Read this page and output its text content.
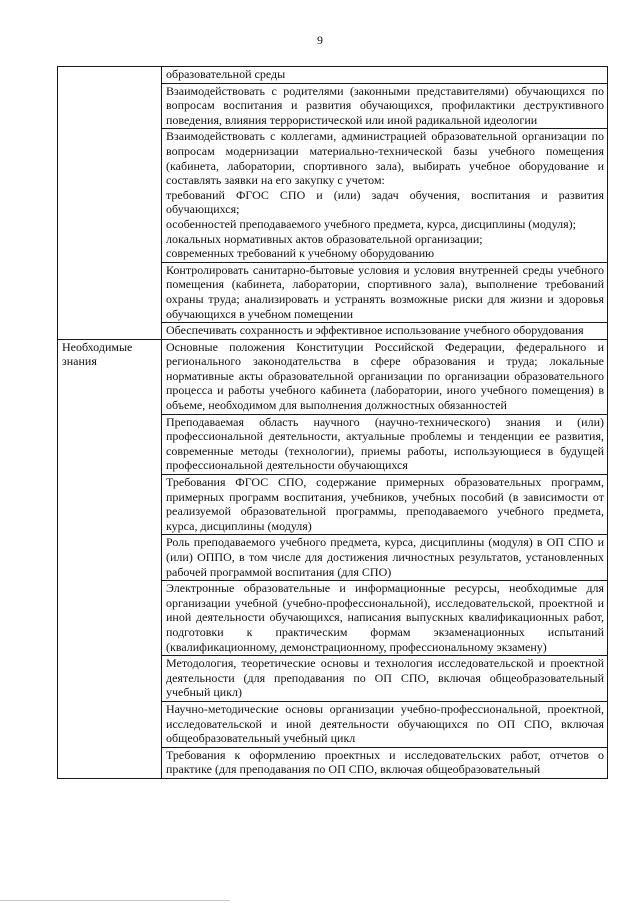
9

	образовательной среды

	Взаимодействовать с родителями (законными представителями) обучающихся по вопросам воспитания и развития обучающихся, профилактики деструктивного поведения, влияния террористической или иной радикальной идеологии

	Взаимодействовать с коллегами, администрацией образовательной организации по вопросам модернизации материально-технической базы учебного помещения (кабинета, лаборатории, спортивного зала), выбирать учебное оборудование и составлять заявки на его закупку с учетом:
требований ФГОС СПО и (или) задач обучения, воспитания и развития обучающихся;
особенностей преподаваемого учебного предмета, курса, дисциплины (модуля);
локальных нормативных актов образовательной организации;
современных требований к учебному оборудованию

	Контролировать санитарно-бытовые условия и условия внутренней среды учебного помещения (кабинета, лаборатории, спортивного зала), выполнение требований охраны труда; анализировать и устранять возможные риски для жизни и здоровья обучающихся в учебном помещении

	Обеспечивать сохранность и эффективное использование учебного оборудования

Необходимые знания	Основные положения Конституции Российской Федерации, федерального и регионального законодательства в сфере образования и труда; локальные нормативные акты образовательной организации по организации образовательного процесса и работы учебного кабинета (лаборатории, иного учебного помещения) в объеме, необходимом для выполнения должностных обязанностей

	Преподаваемая область научного (научно-технического) знания и (или) профессиональной деятельности, актуальные проблемы и тенденции ее развития, современные методы (технологии), приемы работы, использующиеся в будущей профессиональной деятельности обучающихся

	Требования ФГОС СПО, содержание примерных образовательных программ, примерных программ воспитания, учебников, учебных пособий (в зависимости от реализуемой образовательной программы, преподаваемого учебного предмета, курса, дисциплины (модуля)

	Роль преподаваемого учебного предмета, курса, дисциплины (модуля) в ОП СПО и (или) ОППО, в том числе для достижения личностных результатов, установленных рабочей программой воспитания (для СПО)

	Электронные образовательные и информационные ресурсы, необходимые для организации учебной (учебно-профессиональной), исследовательской, проектной и иной деятельности обучающихся, написания выпускных квалификационных работ, подготовки к практическим формам экзаменационных испытаний (квалификационному, демонстрационному, профессиональному экзамену)

	Методология, теоретические основы и технология исследовательской и проектной деятельности (для преподавания по ОП СПО, включая общеобразовательный учебный цикл)

	Научно-методические основы организации учебно-профессиональной, проектной, исследовательской и иной деятельности обучающихся по ОП СПО, включая общеобразовательный учебный цикл

	Требования к оформлению проектных и исследовательских работ, отчетов о практике (для преподавания по ОП СПО, включая общеобразовательный
